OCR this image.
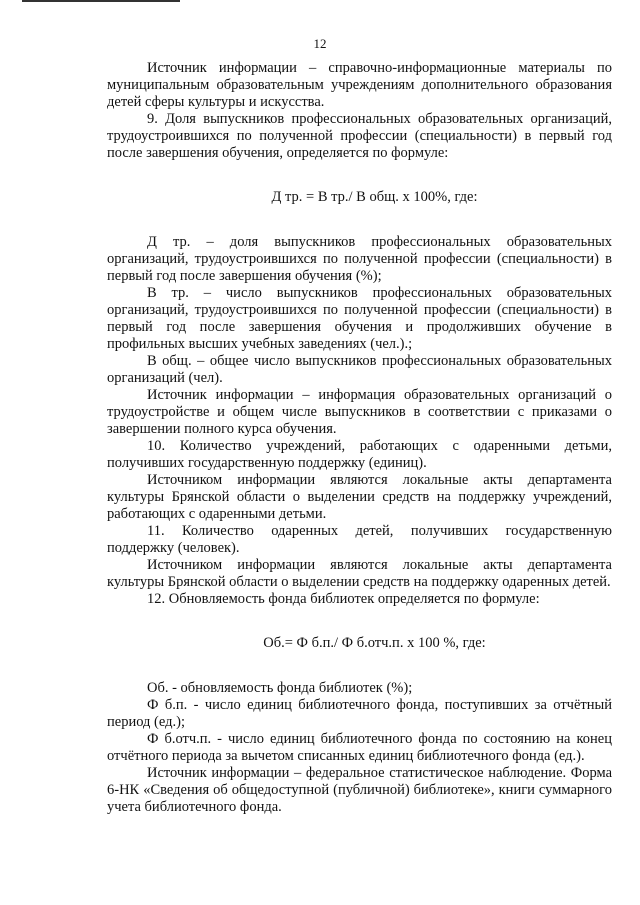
12

Источник информации – справочно-информационные материалы по муниципальным образовательным учреждениям дополнительного образования детей сферы культуры и искусства.

9. Доля выпускников профессиональных образовательных организаций, трудоустроившихся по полученной профессии (специальности) в первый год после завершения обучения, определяется по формуле:

Д тр. = В тр./ В общ. х 100%, где:

Д тр. – доля выпускников профессиональных образовательных организаций, трудоустроившихся по полученной профессии (специальности) в первый год после завершения обучения (%);

В тр. – число выпускников профессиональных образовательных организаций, трудоустроившихся по полученной профессии (специальности) в первый год после завершения обучения и продолживших обучение в профильных высших учебных заведениях (чел.).;

В общ. – общее число выпускников профессиональных образовательных организаций (чел).

Источник информации – информация образовательных организаций о трудоустройстве и общем числе выпускников в соответствии с приказами о завершении полного курса обучения.

10. Количество учреждений, работающих с одаренными детьми, получивших государственную поддержку (единиц).

Источником информации являются локальные акты департамента культуры Брянской области о выделении средств на поддержку учреждений, работающих с одаренными детьми.

11. Количество одаренных детей, получивших государственную поддержку (человек).

Источником информации являются локальные акты департамента культуры Брянской области о выделении средств на поддержку одаренных детей.

12. Обновляемость фонда библиотек определяется по формуле:

Об.= Ф б.п./ Ф б.отч.п. х 100 %, где:

Об. - обновляемость фонда библиотек (%);

Ф б.п. - число единиц библиотечного фонда, поступивших за отчётный период (ед.);

Ф б.отч.п. - число единиц библиотечного фонда по состоянию на конец отчётного периода за вычетом списанных единиц библиотечного фонда (ед.).

Источник информации – федеральное статистическое наблюдение. Форма 6-НК «Сведения об общедоступной (публичной) библиотеке», книги суммарного учета библиотечного фонда.
